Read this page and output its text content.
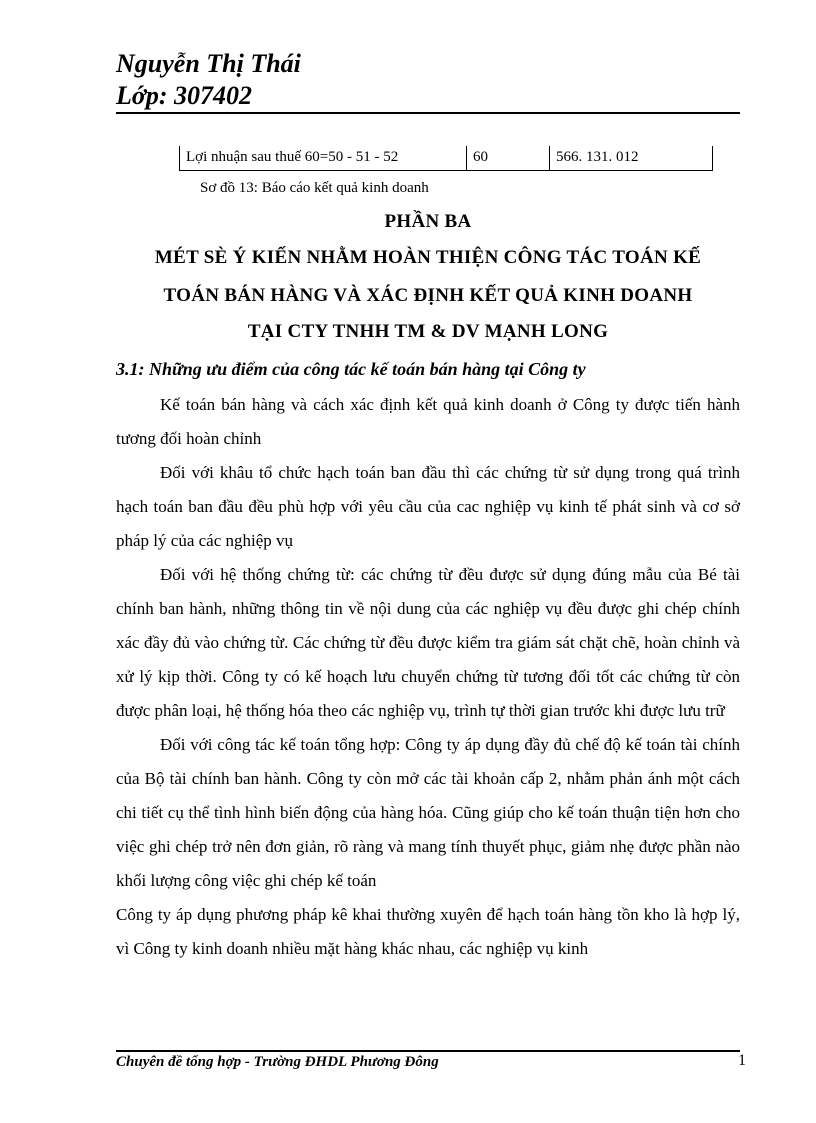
Nguyễn Thị Thái
Lớp: 307402
Lợi nhuận sau thuế 60=50 - 51 - 52	60	566. 131. 012
Sơ đồ 13: Báo cáo kết quả kinh doanh
PHẦN BA
MÉT SÈ Ý KIẾN NHẰM HOÀN THIỆN CÔNG TÁC TOÁN KẾ
TOÁN BÁN HÀNG VÀ XÁC ĐỊNH KẾT QUẢ KINH DOANH
TẠI CTY TNHH TM & DV MẠNH LONG
3.1: Những ưu điểm của công tác kế toán bán hàng tại Công ty

Kế toán bán hàng và cách xác định kết quả kinh doanh ở Công ty được tiến hành tương đối hoàn chỉnh

Đối với khâu tổ chức hạch toán ban đầu thì các chứng từ sử dụng trong quá trình hạch toán ban đầu đều phù hợp với yêu cầu của cac nghiệp vụ kinh tế phát sinh và cơ sở pháp lý của các nghiệp vụ

Đối với hệ thống chứng từ: các chứng từ đều được sử dụng đúng mẫu của Bé tài chính ban hành, những thông tin về nội dung của các nghiệp vụ đều được ghi chép chính xác đầy đủ vào chứng từ. Các chứng từ đều được kiểm tra giám sát chặt chẽ, hoàn chỉnh và xử lý kịp thời. Công ty có kế hoạch lưu chuyển chứng từ tương đối tốt các chứng từ còn được phân loại, hệ thống hóa theo các nghiệp vụ, trình tự thời gian trước khi được lưu trữ

Đối với công tác kế toán tổng hợp: Công ty áp dụng đầy đủ chế độ kế toán tài chính của Bộ tài chính ban hành. Công ty còn mở các tài khoản cấp 2, nhằm phản ánh một cách chi tiết cụ thể tình hình biến động của hàng hóa. Cũng giúp cho kế toán thuận tiện hơn cho việc ghi chép trở nên đơn giản, rõ ràng và mang tính thuyết phục, giảm nhẹ được phần nào khối lượng công việc ghi chép kế toán

Công ty áp dụng phương pháp kê khai thường xuyên để hạch toán hàng tồn kho là hợp lý, vì Công ty kinh doanh nhiều mặt hàng khác nhau, các nghiệp vụ kinh

Chuyên đề tổng hợp - Trường ĐHDL Phương Đông	1
